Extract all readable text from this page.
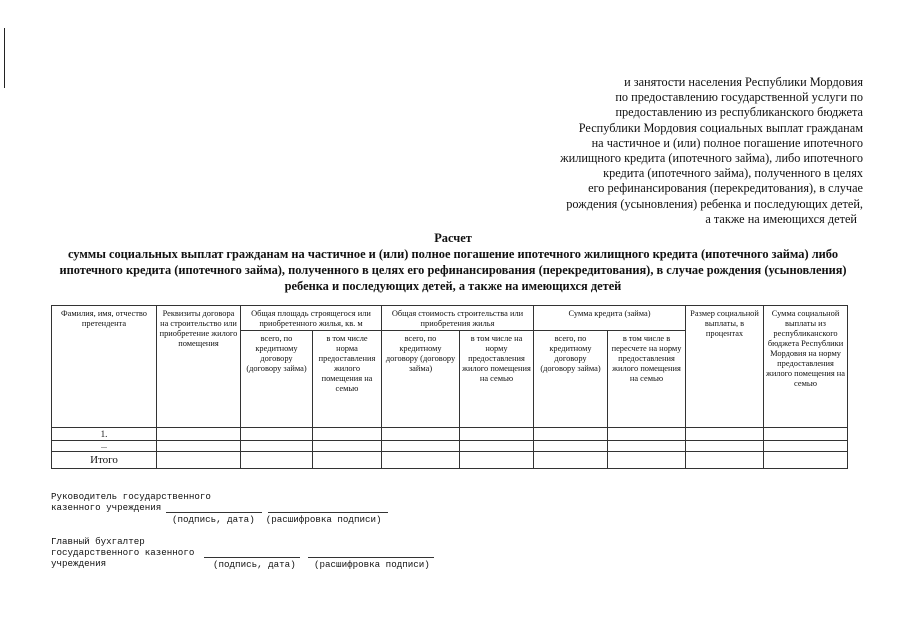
и занятости населения Республики Мордовия
по предоставлению государственной услуги по
предоставлению из республиканского бюджета
Республики Мордовия социальных выплат гражданам
на частичное и (или) полное погашение ипотечного
жилищного кредита (ипотечного займа), либо ипотечного
кредита (ипотечного займа), полученного в целях
его рефинансирования (перекредитования), в случае
рождения (усыновления) ребенка и последующих детей,
а также на имеющихся детей
Расчет
суммы социальных выплат гражданам на частичное и (или) полное погашение ипотечного жилищного кредита (ипотечного займа) либо ипотечного кредита (ипотечного займа), полученного в целях его рефинансирования (перекредитования), в случае рождения (усыновления) ребенка и последующих детей, а также на имеющихся детей
Фамилия, имя, отчество претендента	Реквизиты договора на строительство или приобретение жилого помещения	Общая площадь строящегося или приобретенного жилья, кв. м		Общая стоимость строительства или приобретения жилья		Сумма кредита (займа)		Размер социальной выплаты, в процентах	Сумма социальной выплаты из республиканского бюджета Республики Мордовия на норму предоставления жилого помещения на семью
		всего, по кредитному договору (договору займа)	в том числе норма предоставления жилого помещения на семью	всего, по кредитному договору (договору займа)	в том числе на норму предоставления жилого помещения на семью	всего, по кредитному договору (договору займа)	в том числе в пересчете на норму предоставления жилого помещения на семью		
1.									
...									
Итого									
Руководитель государственного
казенного учреждения
(подпись, дата)  (расшифровка подписи)
Главный бухгалтер
государственного казенного
учреждения	(подпись, дата) (расшифровка подписи)
